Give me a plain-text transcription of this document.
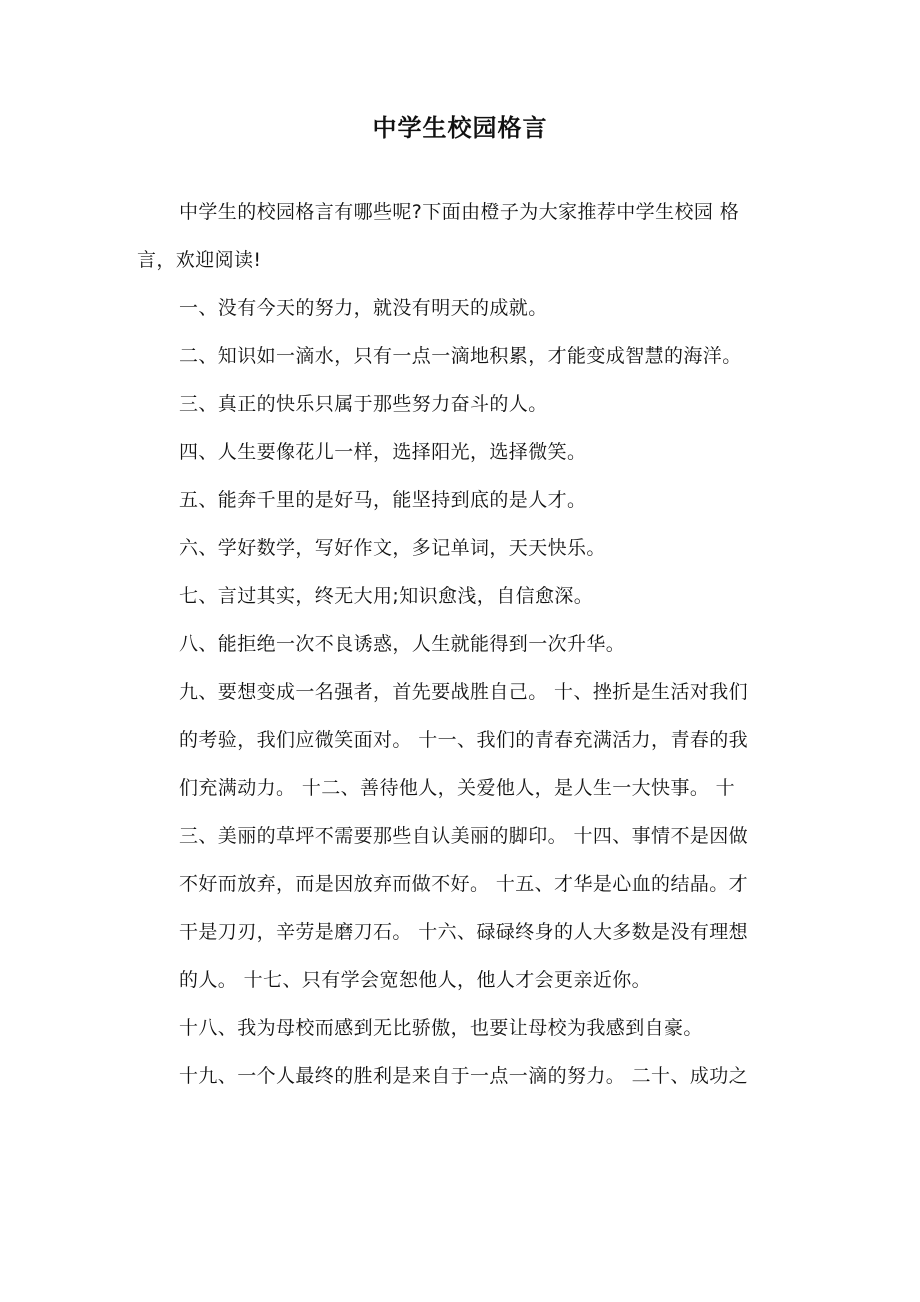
中学生校园格言
中学生的校园格言有哪些呢?下面由橙子为大家推荐中学生校园 格
言，欢迎阅读!
一、没有今天的努力，就没有明天的成就。
二、知识如一滴水，只有一点一滴地积累，才能变成智慧的海洋。
三、真正的快乐只属于那些努力奋斗的人。
四、人生要像花儿一样，选择阳光，选择微笑。
五、能奔千里的是好马，能坚持到底的是人才。
六、学好数学，写好作文，多记单词，天天快乐。
七、言过其实，终无大用;知识愈浅，自信愈深。
八、能拒绝一次不良诱惑，人生就能得到一次升华。
九、要想变成一名强者，首先要战胜自己。 十、挫折是生活对我们
的考验，我们应微笑面对。 十一、我们的青春充满活力，青春的我
们充满动力。 十二、善待他人，关爱他人，是人生一大快事。 十
三、美丽的草坪不需要那些自认美丽的脚印。 十四、事情不是因做
不好而放弃，而是因放弃而做不好。 十五、才华是心血的结晶。才
干是刀刃，辛劳是磨刀石。 十六、碌碌终身的人大多数是没有理想
的人。 十七、只有学会宽恕他人，他人才会更亲近你。
十八、我为母校而感到无比骄傲，也要让母校为我感到自豪。
十九、一个人最终的胜利是来自于一点一滴的努力。 二十、成功之
